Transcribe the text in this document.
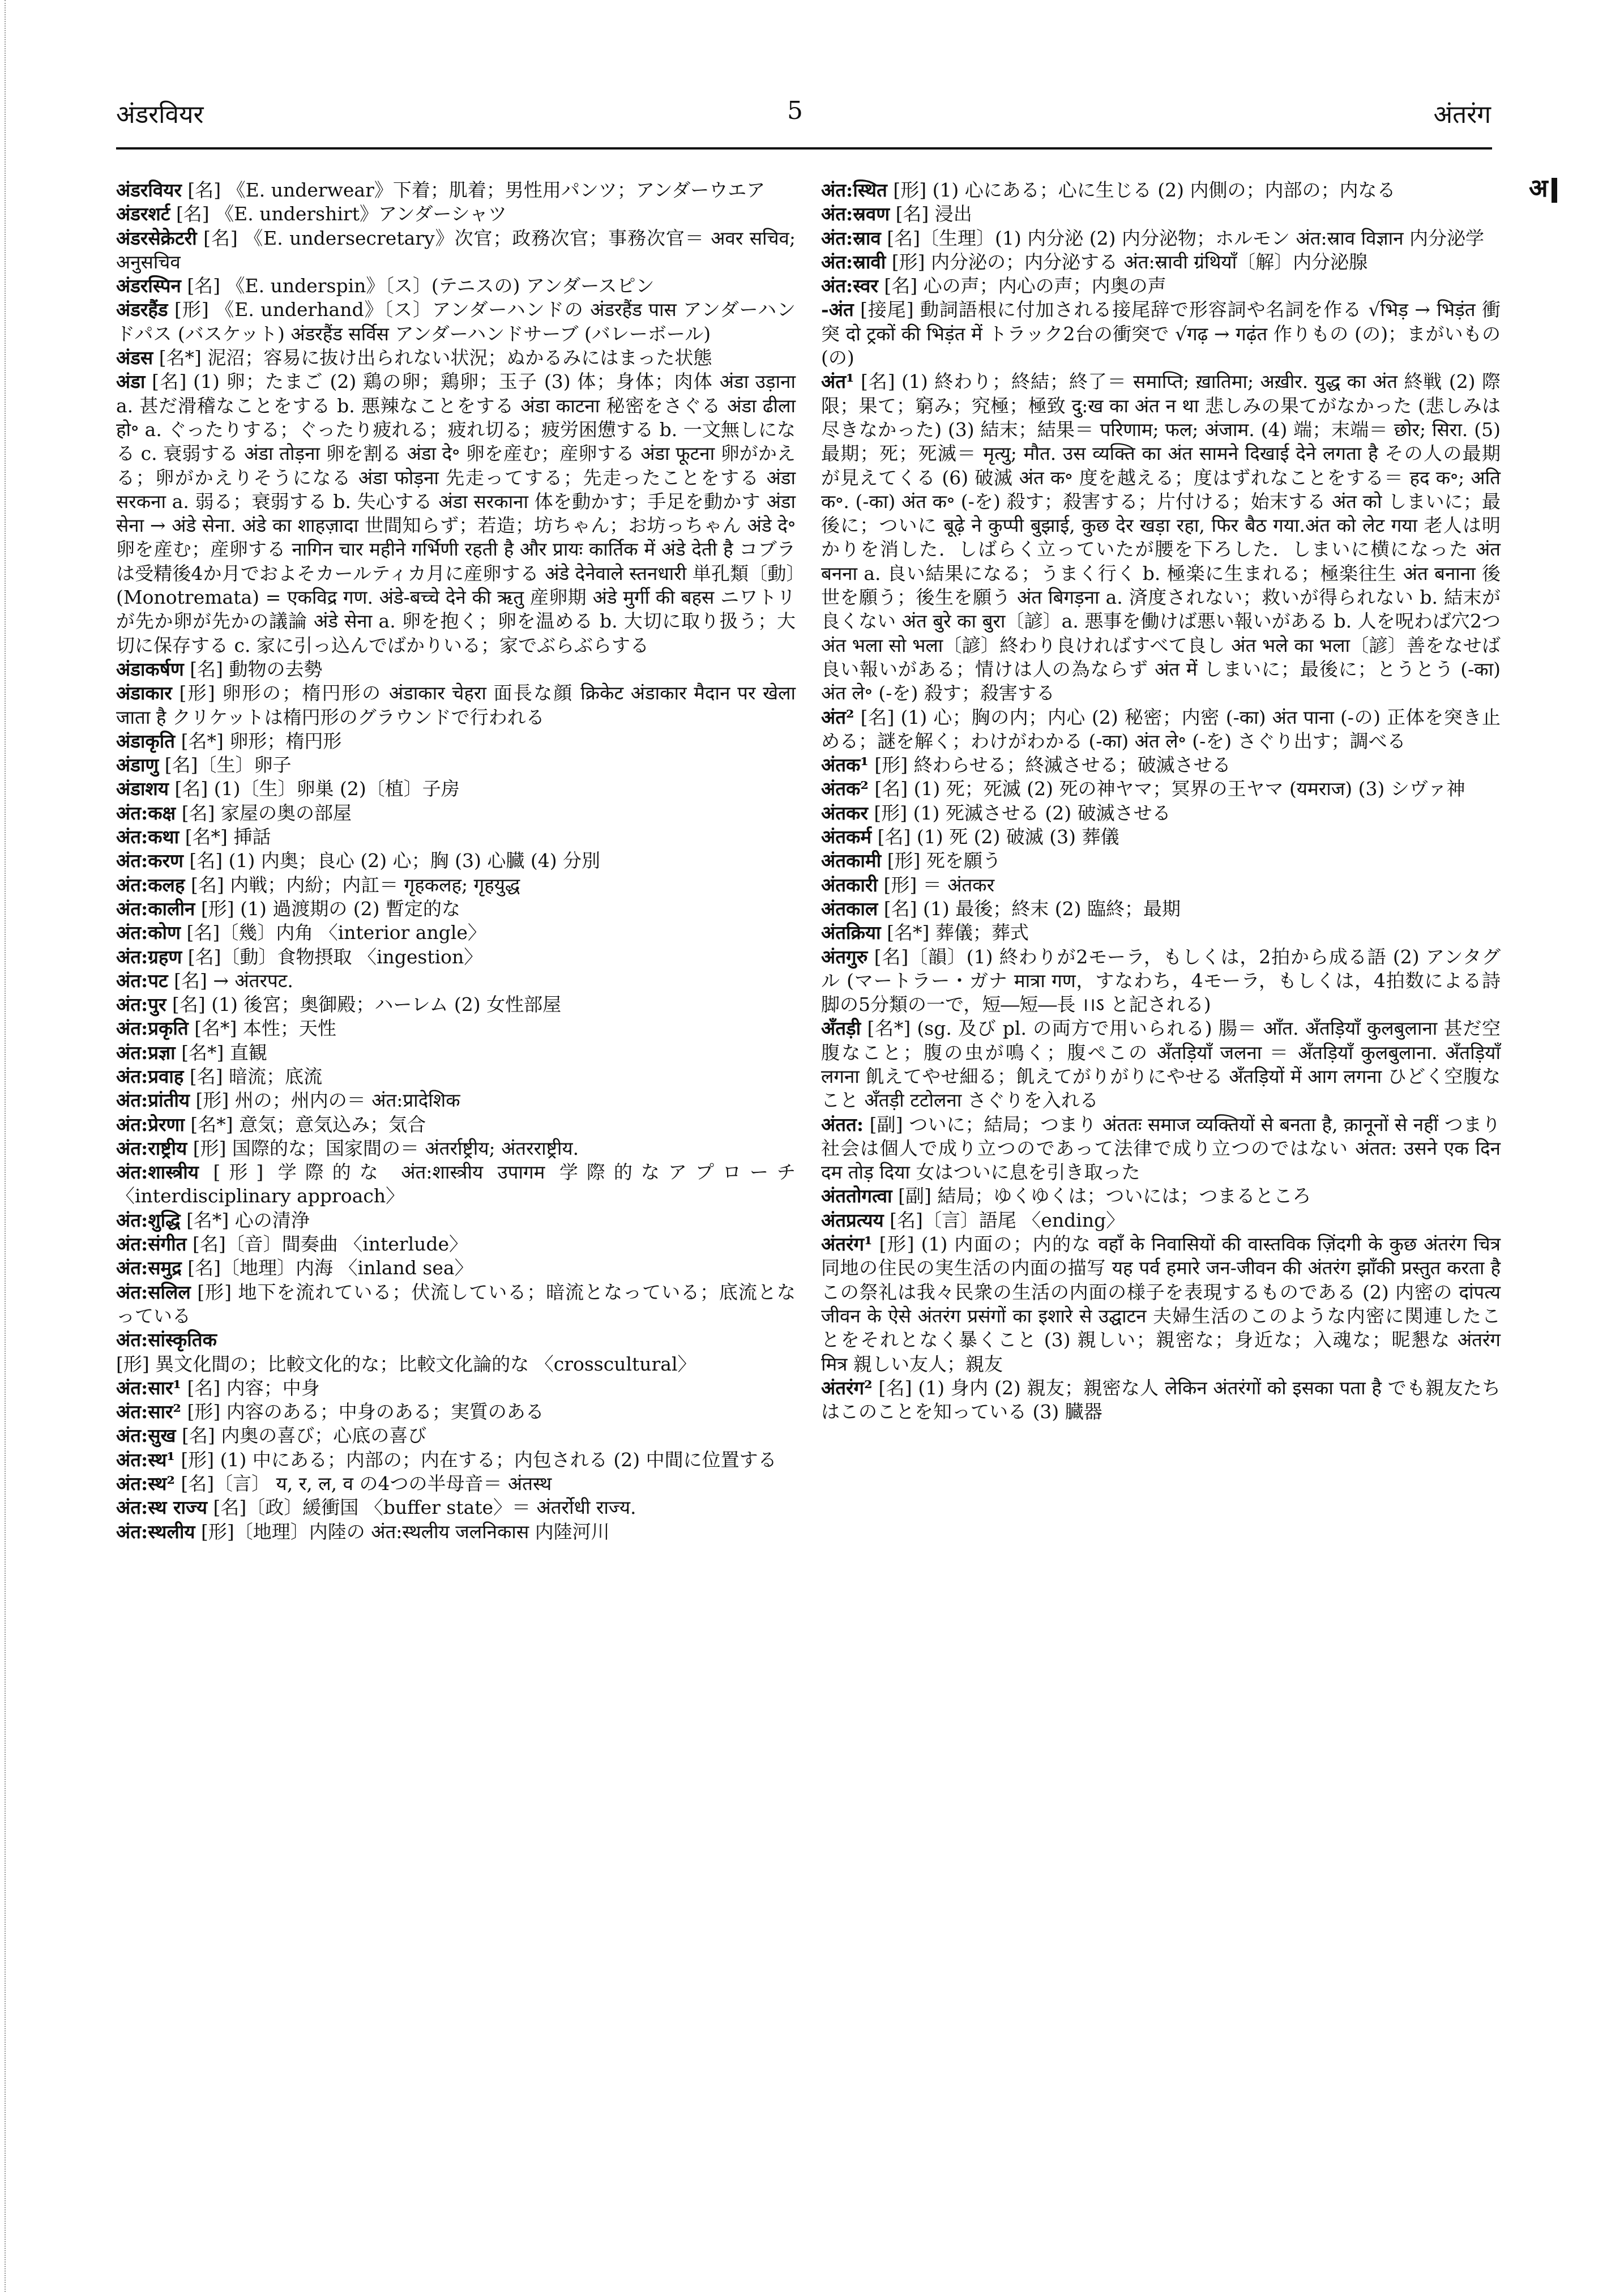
अंडरवियर	5	अंतरंग
अ
अंडरवियर [名] 《E. underwear》下着；肌着；男性用パンツ；アンダーウエア
अंडरशर्ट [名] 《E. undershirt》アンダーシャツ
अंडरसेक्रेटरी [名] 《E. undersecretary》次官；政務次官；事務次官＝ अवर सचिव; अनुसचिव
अंडरस्पिन [名] 《E. underspin》〔ス〕(テニスの) アンダースピン
अंडरहैंड [形] 《E. underhand》〔ス〕アンダーハンドの अंडरहैंड पास アンダーハンドパス (バスケット) अंडरहैंड सर्विस アンダーハンドサーブ (バレーボール)
अंडस [名*] 泥沼；容易に抜け出られない状況；ぬかるみにはまった状態
अंडा [名] (1) 卵；たまご (2) 鶏の卵；鶏卵；玉子 (3) 体；身体；肉体 अंडा उड़ाना a. 甚だ滑稽なことをする b. 悪辣なことをする अंडा काटना 秘密をさぐる अंडा ढीला हो॰ a. ぐったりする；ぐったり疲れる；疲れ切る；疲労困憊する b. 一文無しになる c. 衰弱する अंडा तोड़ना 卵を割る अंडा दे॰ 卵を産む；産卵する अंडा फूटना 卵がかえる；卵がかえりそうになる अंडा फोड़ना 先走ってする；先走ったことをする अंडा सरकना a. 弱る；衰弱する b. 失心する अंडा सरकाना 体を動かす；手足を動かす अंडा सेना → अंडे सेना. अंडे का शाहज़ादा 世間知らず；若造；坊ちゃん；お坊っちゃん अंडे दे॰ 卵を産む；産卵する नागिन चार महीने गर्भिणी रहती है और प्रायः कार्तिक में अंडे देती है コブラは受精後4か月でおよそカールティカ月に産卵する अंडे देनेवाले स्तनधारी 単孔類〔動〕(Monotremata) = एकविद्र गण. अंडे-बच्चे देने की ऋतु 産卵期 अंडे मुर्गी की बहस ニワトリが先か卵が先かの議論 अंडे सेना a. 卵を抱く；卵を温める b. 大切に取り扱う；大切に保存する c. 家に引っ込んでばかりいる；家でぶらぶらする
अंडाकर्षण [名] 動物の去勢
अंडाकार [形] 卵形の；楕円形の अंडाकार चेहरा 面長な顔 क्रिकेट अंडाकार मैदान पर खेला जाता है クリケットは楕円形のグラウンドで行われる
अंडाकृति [名*] 卵形；楕円形
अंडाणु [名]〔生〕卵子
अंडाशय [名] (1)〔生〕卵巣 (2)〔植〕子房
अंत:कक्ष [名] 家屋の奥の部屋
अंत:कथा [名*] 挿話
अंत:करण [名] (1) 内奥；良心 (2) 心；胸 (3) 心臓 (4) 分別
अंत:कलह [名] 内戦；内紛；内訌＝ गृहकलह; गृहयुद्ध
अंत:कालीन [形] (1) 過渡期の (2) 暫定的な
अंत:कोण [名]〔幾〕内角 〈interior angle〉
अंत:ग्रहण [名]〔動〕食物摂取 〈ingestion〉
अंत:पट [名] → अंतरपट.
अंत:पुर [名] (1) 後宮；奥御殿；ハーレム (2) 女性部屋
अंत:प्रकृति [名*] 本性；天性
अंत:प्रज्ञा [名*] 直観
अंत:प्रवाह [名] 暗流；底流
अंत:प्रांतीय [形] 州の；州内の＝ अंत:प्रादेशिक
अंत:प्रेरणा [名*] 意気；意気込み；気合
अंत:राष्ट्रीय [形] 国際的な；国家間の＝ अंतर्राष्ट्रीय; अंतरराष्ट्रीय.
अंत:शास्त्रीय [形] 学際的な अंत:शास्त्रीय उपागम 学際的なアプローチ 〈interdisciplinary approach〉
अंत:शुद्धि [名*] 心の清浄
अंत:संगीत [名]〔音〕間奏曲 〈interlude〉
अंत:समुद्र [名]〔地理〕内海 〈inland sea〉
अंत:सलिल [形] 地下を流れている；伏流している；暗流となっている；底流となっている
अंत:सांस्कृतिक [形] 異文化間の；比較文化的な；比較文化論的な 〈crosscultural〉
अंत:सार¹ [名] 内容；中身
अंत:सार² [形] 内容のある；中身のある；実質のある
अंत:सुख [名] 内奥の喜び；心底の喜び
अंत:स्थ¹ [形] (1) 中にある；内部の；内在する；内包される (2) 中間に位置する
अंत:स्थ² [名]〔言〕 य, र, ल, व の4つの半母音＝ अंतस्थ
अंत:स्थ राज्य [名]〔政〕緩衝国 〈buffer state〉＝ अंतर्रोधी राज्य.
अंत:स्थलीय [形]〔地理〕内陸の अंत:स्थलीय जलनिकास 内陸河川
अंत:स्थित [形] (1) 心にある；心に生じる (2) 内側の；内部の；内なる
अंत:स्रवण [名] 浸出
अंत:स्राव [名]〔生理〕(1) 内分泌 (2) 内分泌物；ホルモン अंत:स्राव विज्ञान 内分泌学
अंत:स्रावी [形] 内分泌の；内分泌する अंत:स्रावी ग्रंथियाँ〔解〕内分泌腺
अंत:स्वर [名] 心の声；内心の声；内奥の声
-अंत [接尾] 動詞語根に付加される接尾辞で形容詞や名詞を作る √भिड़ → भिड़ंत 衝突 दो ट्रकों की भिड़ंत में トラック2台の衝突で √गढ़ → गढ़ंत 作りもの (の)；まがいもの (の)
अंत¹ [名] (1) 終わり；終結；終了＝ समाप्ति; ख़ातिमा; अख़ीर. युद्ध का अंत 終戦 (2) 際限；果て；窮み；究極；極致 दु:ख का अंत न था 悲しみの果てがなかった (悲しみは尽きなかった) (3) 結末；結果＝ परिणाम; फल; अंजाम. (4) 端；末端＝ छोर; सिरा. (5) 最期；死；死滅＝ मृत्यु; मौत. उस व्यक्ति का अंत सामने दिखाई देने लगता है その人の最期が見えてくる (6) 破滅 अंत क॰ 度を越える；度はずれなことをする＝ हद क॰; अति क॰. (-का) अंत क॰ (-を) 殺す；殺害する；片付ける；始末する अंत को しまいに；最後に；ついに बूढ़े ने कुप्पी बुझाई, कुछ देर खड़ा रहा, फिर बैठ गया.अंत को लेट गया 老人は明かりを消した．しばらく立っていたが腰を下ろした．しまいに横になった अंत बनना a. 良い結果になる；うまく行く b. 極楽に生まれる；極楽往生 अंत बनाना 後世を願う；後生を願う अंत बिगड़ना a. 済度されない；救いが得られない b. 結末が良くない अंत बुरे का बुरा〔諺〕a. 悪事を働けば悪い報いがある b. 人を呪わば穴2つ अंत भला सो भला〔諺〕終わり良ければすべて良し अंत भले का भला〔諺〕善をなせば良い報いがある；情けは人の為ならず अंत में しまいに；最後に；とうとう (-का) अंत ले॰ (-を) 殺す；殺害する
अंत² [名] (1) 心；胸の内；内心 (2) 秘密；内密 (-का) अंत पाना (-の) 正体を突き止める；謎を解く；わけがわかる (-का) अंत ले॰ (-を) さぐり出す；調べる
अंतक¹ [形] 終わらせる；終滅させる；破滅させる
अंतक² [名] (1) 死；死滅 (2) 死の神ヤマ；冥界の王ヤマ (यमराज) (3) シヴァ神
अंतकर [形] (1) 死滅させる (2) 破滅させる
अंतकर्म [名] (1) 死 (2) 破滅 (3) 葬儀
अंतकामी [形] 死を願う
अंतकारी [形] ＝ अंतकर
अंतकाल [名] (1) 最後；終末 (2) 臨終；最期
अंतक्रिया [名*] 葬儀；葬式
अंतगुरु [名]〔韻〕(1) 終わりが2モーラ，もしくは，2拍から成る語 (2) アンタグル (マートラー・ガナ मात्रा गण，すなわち，4モーラ，もしくは，4拍数による詩脚の5分類の一で，短―短―長 ।।ऽ と記される)
अँतड़ी [名*] (sg. 及び pl. の両方で用いられる) 腸＝ आँत. अँतड़ियाँ कुलबुलाना 甚だ空腹なこと；腹の虫が鳴く；腹ぺこの अँतड़ियाँ जलना ＝ अँतड़ियाँ कुलबुलाना. अँतड़ियाँ लगना 飢えてやせ細る；飢えてがりがりにやせる अँतड़ियों में आग लगना ひどく空腹なこと अँतड़ी टटोलना さぐりを入れる
अंतत: [副] ついに；結局；つまり अंततः समाज व्यक्तियों से बनता है, क़ानूनों से नहीं つまり社会は個人で成り立つのであって法律で成り立つのではない अंतत: उसने एक दिन दम तोड़ दिया 女はついに息を引き取った
अंततोगत्वा [副] 結局；ゆくゆくは；ついには；つまるところ
अंतप्रत्यय [名]〔言〕語尾 〈ending〉
अंतरंग¹ [形] (1) 内面の；内的な वहाँ के निवासियों की वास्तविक ज़िंदगी के कुछ अंतरंग चित्र 同地の住民の実生活の内面の描写 यह पर्व हमारे जन-जीवन की अंतरंग झाँकी प्रस्तुत करता है この祭礼は我々民衆の生活の内面の様子を表現するものである (2) 内密の दांपत्य जीवन के ऐसे अंतरंग प्रसंगों का इशारे से उद्घाटन 夫婦生活のこのような内密に関連したことをそれとなく暴くこと (3) 親しい；親密な；身近な；入魂な；昵懇な अंतरंग मित्र 親しい友人；親友
अंतरंग² [名] (1) 身内 (2) 親友；親密な人 लेकिन अंतरंगों को इसका पता है でも親友たちはこのことを知っている (3) 臓器
